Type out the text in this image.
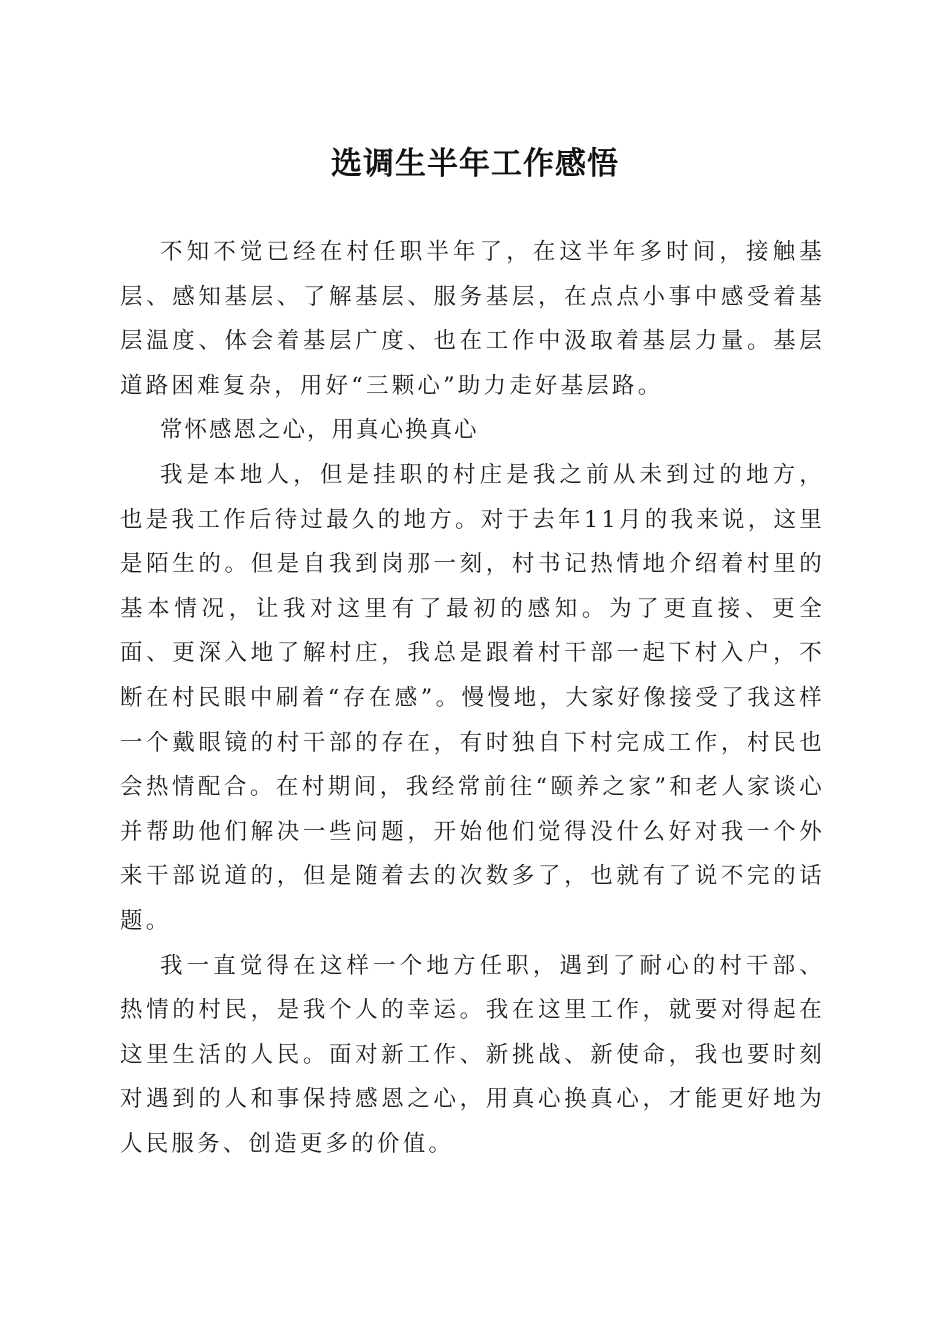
选调生半年工作感悟

不知不觉已经在村任职半年了，在这半年多时间，接触基层、感知基层、了解基层、服务基层，在点点小事中感受着基层温度、体会着基层广度、也在工作中汲取着基层力量。基层道路困难复杂，用好“三颗心”助力走好基层路。

常怀感恩之心，用真心换真心

我是本地人，但是挂职的村庄是我之前从未到过的地方，也是我工作后待过最久的地方。对于去年11月的我来说，这里是陌生的。但是自我到岗那一刻，村书记热情地介绍着村里的基本情况，让我对这里有了最初的感知。为了更直接、更全面、更深入地了解村庄，我总是跟着村干部一起下村入户，不断在村民眼中刷着“存在感”。慢慢地，大家好像接受了我这样一个戴眼镜的村干部的存在，有时独自下村完成工作，村民也会热情配合。在村期间，我经常前往“颐养之家”和老人家谈心并帮助他们解决一些问题，开始他们觉得没什么好对我一个外来干部说道的，但是随着去的次数多了，也就有了说不完的话题。

我一直觉得在这样一个地方任职，遇到了耐心的村干部、热情的村民，是我个人的幸运。我在这里工作，就要对得起在这里生活的人民。面对新工作、新挑战、新使命，我也要时刻对遇到的人和事保持感恩之心，用真心换真心，才能更好地为人民服务、创造更多的价值。
